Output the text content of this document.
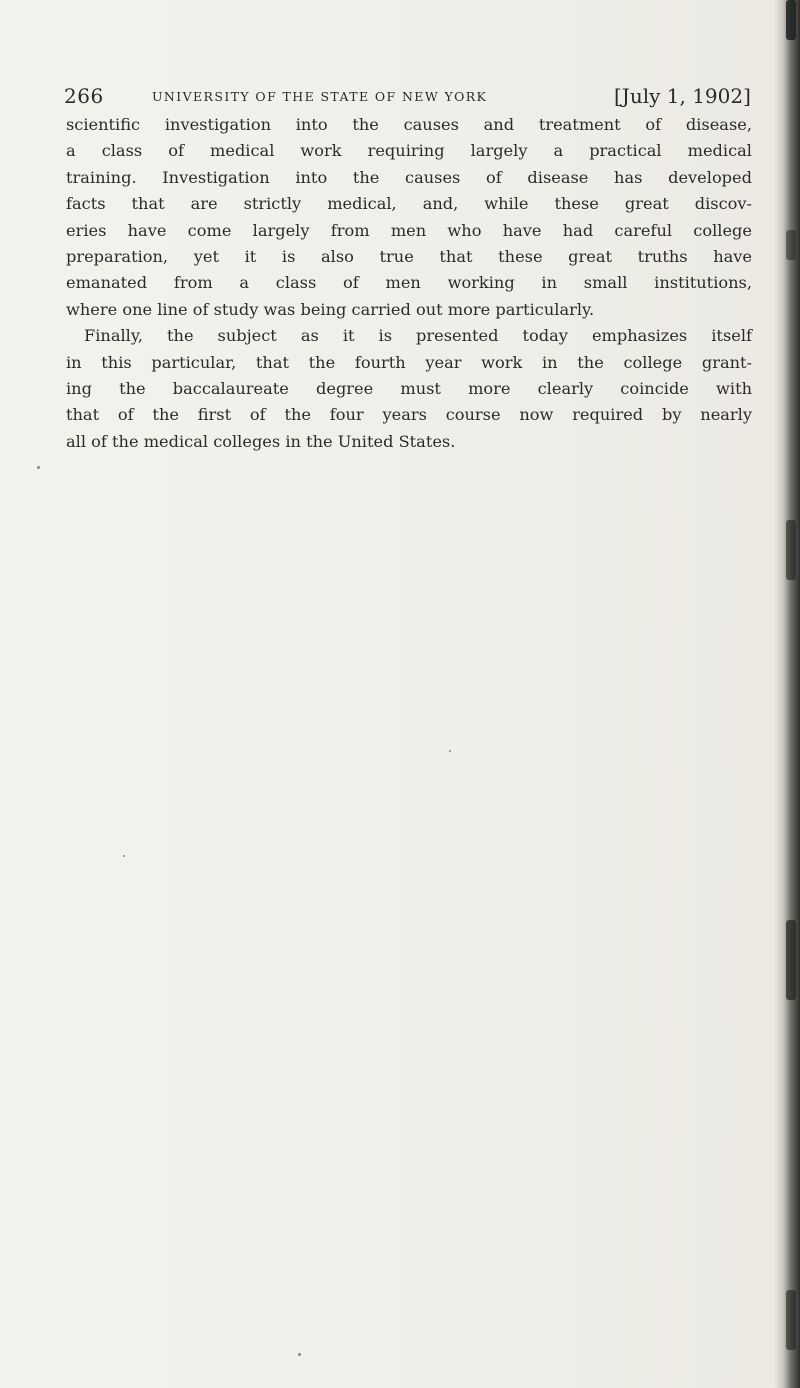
266	UNIVERSITY OF THE STATE OF NEW YORK	[July 1, 1902]
scientific investigation into the causes and treatment of disease,
a class of medical work requiring largely a practical medical
training. Investigation into the causes of disease has developed
facts that are strictly medical, and, while these great discov-
eries have come largely from men who have had careful college
preparation, yet it is also true that these great truths have
emanated from a class of men working in small institutions,
where one line of study was being carried out more particularly.
Finally, the subject as it is presented today emphasizes itself
in this particular, that the fourth year work in the college grant-
ing the baccalaureate degree must more clearly coincide with
that of the first of the four years course now required by nearly
all of the medical colleges in the United States.
